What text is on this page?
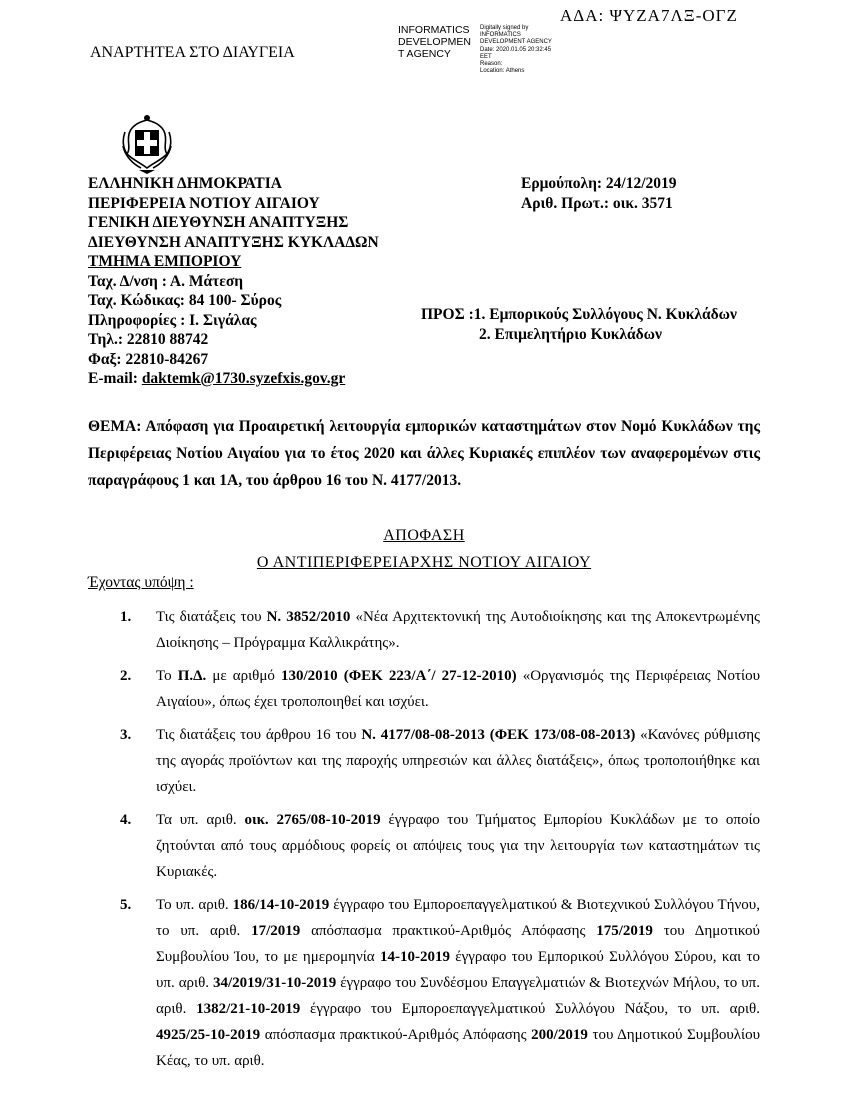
ΑΝΑΡΤΗΤΕΑ ΣΤΟ ΔΙΑΥΓΕΙΑ
ΑΔΑ: ΨΥΖΑ7ΛΞ-ΟΓΖ
INFORMATICS
DEVELOPMEN
T AGENCY
Digitally signed by
INFORMATICS
DEVELOPMENT AGENCY
Date: 2020.01.05 20:32:45
EET
Reason:
Location: Athens
ΕΛΛΗΝΙΚΗ ΔΗΜΟΚΡΑΤΙΑ
ΠΕΡΙΦΕΡΕΙΑ ΝΟΤΙΟΥ ΑΙΓΑΙΟΥ
ΓΕΝΙΚΗ ΔΙΕΥΘΥΝΣΗ ΑΝΑΠΤΥΞΗΣ
ΔΙΕΥΘΥΝΣΗ ΑΝΑΠΤΥΞΗΣ ΚΥΚΛΑΔΩΝ
ΤΜΗΜΑ ΕΜΠΟΡΙΟΥ
Ταχ. Δ/νση : Α. Μάτεση
Ταχ. Κώδικας: 84 100- Σύρος
Πληροφορίες : Ι. Σιγάλας
Τηλ.: 22810 88742
Φαξ: 22810-84267
E-mail: daktemk@1730.syzefxis.gov.gr
Ερμούπολη: 24/12/2019
Αριθ. Πρωτ.: οικ. 3571
ΠΡΟΣ :1. Εμπορικούς Συλλόγους Ν. Κυκλάδων
2. Επιμελητήριο Κυκλάδων
ΘΕΜΑ: Απόφαση για Προαιρετική λειτουργία εμπορικών καταστημάτων στον Νομό Κυκλάδων της Περιφέρειας Νοτίου Αιγαίου για το έτος 2020 και άλλες Κυριακές επιπλέον των αναφερομένων στις παραγράφους 1 και 1Α, του άρθρου 16 του Ν. 4177/2013.
ΑΠΟΦΑΣΗ
Ο ΑΝΤΙΠΕΡΙΦΕΡΕΙΑΡΧΗΣ ΝΟΤΙΟΥ ΑΙΓΑΙΟΥ
Έχοντας υπόψη :
1. Τις διατάξεις του Ν. 3852/2010 «Νέα Αρχιτεκτονική της Αυτοδιοίκησης και της Αποκεντρωμένης Διοίκησης – Πρόγραμμα Καλλικράτης».
2. Το Π.Δ. με αριθμό 130/2010 (ΦΕΚ 223/Α΄/ 27-12-2010) «Οργανισμός της Περιφέρειας Νοτίου Αιγαίου», όπως έχει τροποποιηθεί και ισχύει.
3. Τις διατάξεις του άρθρου 16 του Ν. 4177/08-08-2013 (ΦΕΚ 173/08-08-2013) «Κανόνες ρύθμισης της αγοράς προϊόντων και της παροχής υπηρεσιών και άλλες διατάξεις», όπως τροποποιήθηκε και ισχύει.
4. Τα υπ. αριθ. οικ. 2765/08-10-2019 έγγραφο του Τμήματος Εμπορίου Κυκλάδων με το οποίο ζητούνται από τους αρμόδιους φορείς οι απόψεις τους για την λειτουργία των καταστημάτων τις Κυριακές.
5. Το υπ. αριθ. 186/14-10-2019 έγγραφο του Εμποροεπαγγελματικού & Βιοτεχνικού Συλλόγου Τήνου, το υπ. αριθ. 17/2019 απόσπασμα πρακτικού-Αριθμός Απόφασης 175/2019 του Δημοτικού Συμβουλίου Ίου, το με ημερομηνία 14-10-2019 έγγραφο του Εμπορικού Συλλόγου Σύρου, και το υπ. αριθ. 34/2019/31-10-2019 έγγραφο του Συνδέσμου Επαγγελματιών & Βιοτεχνών Μήλου, το υπ. αριθ. 1382/21-10-2019 έγγραφο του Εμποροεπαγγελματικού Συλλόγου Νάξου, το υπ. αριθ. 4925/25-10-2019 απόσπασμα πρακτικού-Αριθμός Απόφασης 200/2019 του Δημοτικού Συμβουλίου Κέας, το υπ. αριθ.
